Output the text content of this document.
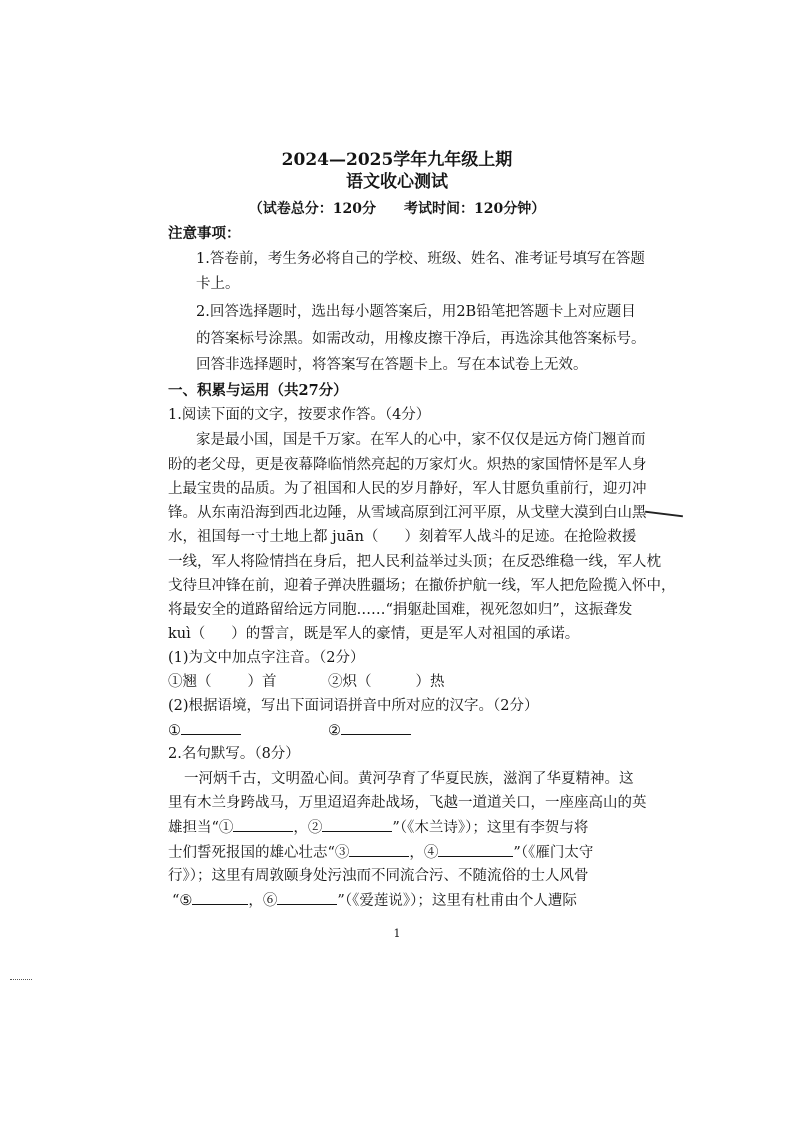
2024—2025学年九年级上期

语文收心测试

（试卷总分：120分　　考试时间：120分钟）

注意事项：

1.答卷前，考生务必将自己的学校、班级、姓名、准考证号填写在答题

卡上。

2.回答选择题时，选出每小题答案后，用2B铅笔把答题卡上对应题目

的答案标号涂黑。如需改动，用橡皮擦干净后，再选涂其他答案标号。

回答非选择题时，将答案写在答题卡上。写在本试卷上无效。

一、积累与运用（共27分）

1.阅读下面的文字，按要求作答。（4分）

家是最小国，国是千万家。在军人的心中，家不仅仅是远方倚门翘首而

盼的老父母，更是夜幕降临悄然亮起的万家灯火。炽热的家国情怀是军人身

上最宝贵的品质。为了祖国和人民的岁月静好，军人甘愿负重前行，迎刃冲

锋。从东南沿海到西北边陲，从雪域高原到江河平原，从戈壁大漠到白山黑

水，祖国每一寸土地上都 juān（ ）刻着军人战斗的足迹。在抢险救援

一线，军人将险情挡在身后，把人民利益举过头顶；在反恐维稳一线，军人枕

戈待旦冲锋在前，迎着子弹决胜疆场；在撤侨护航一线，军人把危险揽入怀中，

将最安全的道路留给远方同胞……“捐躯赴国难，视死忽如归”，这振聋发

kuì（ ）的誓言，既是军人的豪情，更是军人对祖国的承诺。

(1)为文中加点字注音。（2分）

①翘（ ）首	②炽（	）热

(2)根据语境，写出下面词语拼音中所对应的汉字。（2分）

①	②

2.名句默写。（8分）

一河炳千古，文明盈心间。黄河孕育了华夏民族，滋润了华夏精神。这

里有木兰身跨战马，万里迢迢奔赴战场，飞越一道道关口，一座座高山的英

雄担当“①	，②	”（《木兰诗》）；这里有李贺与将

士们誓死报国的雄心壮志“③	，④	”（《雁门太守

行》）；这里有周敦颐身处污浊而不同流合污、不随流俗的士人风骨

“⑤	，⑥	”（《爱莲说》）；这里有杜甫由个人遭际

1
